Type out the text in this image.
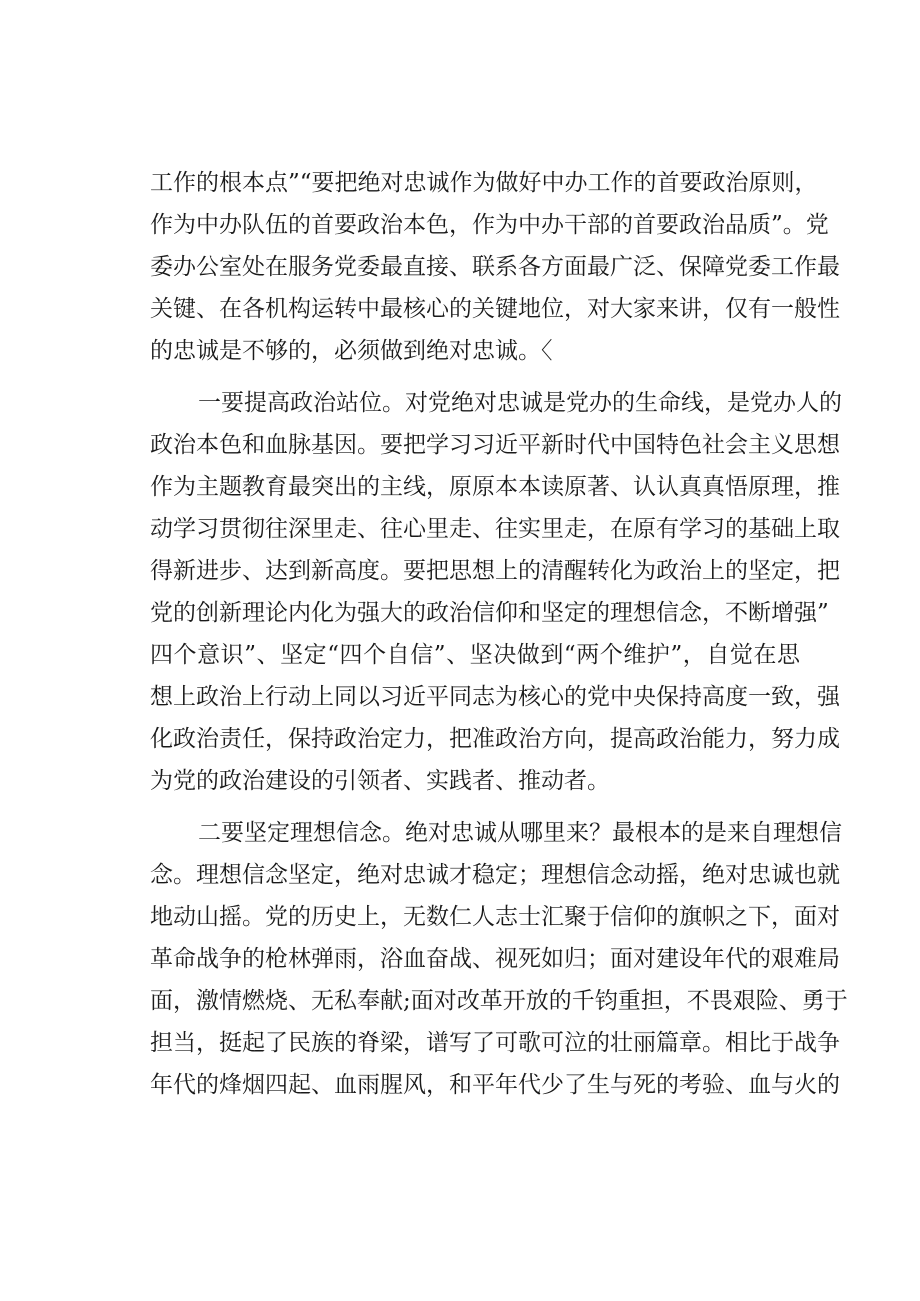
工作的根本点”“要把绝对忠诚作为做好中办工作的首要政治原则，
作为中办队伍的首要政治本色，作为中办干部的首要政治品质”。党
委办公室处在服务党委最直接、联系各方面最广泛、保障党委工作最
关键、在各机构运转中最核心的关键地位，对大家来讲，仅有一般性
的忠诚是不够的，必须做到绝对忠诚。〈
一要提高政治站位。对党绝对忠诚是党办的生命线，是党办人的
政治本色和血脉基因。要把学习习近平新时代中国特色社会主义思想
作为主题教育最突出的主线，原原本本读原著、认认真真悟原理，推
动学习贯彻往深里走、往心里走、往实里走，在原有学习的基础上取
得新进步、达到新高度。要把思想上的清醒转化为政治上的坚定，把
党的创新理论内化为强大的政治信仰和坚定的理想信念，不断增强”
四个意识”、坚定“四个自信”、坚决做到“两个维护”，自觉在思
想上政治上行动上同以习近平同志为核心的党中央保持高度一致，强
化政治责任，保持政治定力，把准政治方向，提高政治能力，努力成
为党的政治建设的引领者、实践者、推动者。
二要坚定理想信念。绝对忠诚从哪里来？最根本的是来自理想信
念。理想信念坚定，绝对忠诚才稳定；理想信念动摇，绝对忠诚也就
地动山摇。党的历史上，无数仁人志士汇聚于信仰的旗帜之下，面对
革命战争的枪林弹雨，浴血奋战、视死如归；面对建设年代的艰难局
面，激情燃烧、无私奉献;面对改革开放的千钧重担，不畏艰险、勇于
担当，挺起了民族的脊梁，谱写了可歌可泣的壮丽篇章。相比于战争
年代的烽烟四起、血雨腥风，和平年代少了生与死的考验、血与火的
